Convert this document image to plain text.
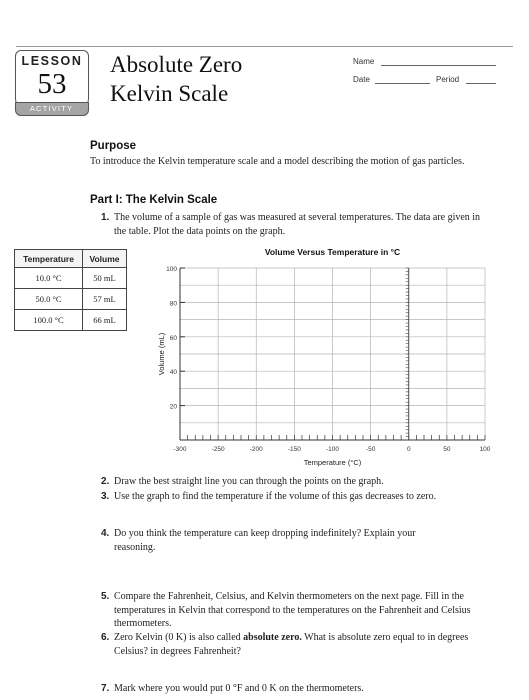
LESSON
53
ACTIVITY
Absolute Zero
Kelvin Scale
Name
Date	Period
Purpose
To introduce the Kelvin temperature scale and a model describing the motion of gas particles.
Part I: The Kelvin Scale
1. The volume of a sample of gas was measured at several temperatures. The data are given in the table. Plot the data points on the graph.
Temperature	Volume
10.0 °C	50 mL
50.0 °C	57 mL
100.0 °C	66 mL
Volume Versus Temperature in °C
20
40
60
80
100
-300	-250	-200	-150	-100	-50	0	50	100
Temperature (°C)
Volume (mL)
2. Draw the best straight line you can through the points on the graph.
3. Use the graph to find the temperature if the volume of this gas decreases to zero.
4. Do you think the temperature can keep dropping indefinitely? Explain your reasoning.
5. Compare the Fahrenheit, Celsius, and Kelvin thermometers on the next page. Fill in the temperatures in Kelvin that correspond to the temperatures on the Fahrenheit and Celsius thermometers.
6. Zero Kelvin (0 K) is also called absolute zero. What is absolute zero equal to in degrees Celsius? in degrees Fahrenheit?
7. Mark where you would put 0 °F and 0 K on the thermometers.
